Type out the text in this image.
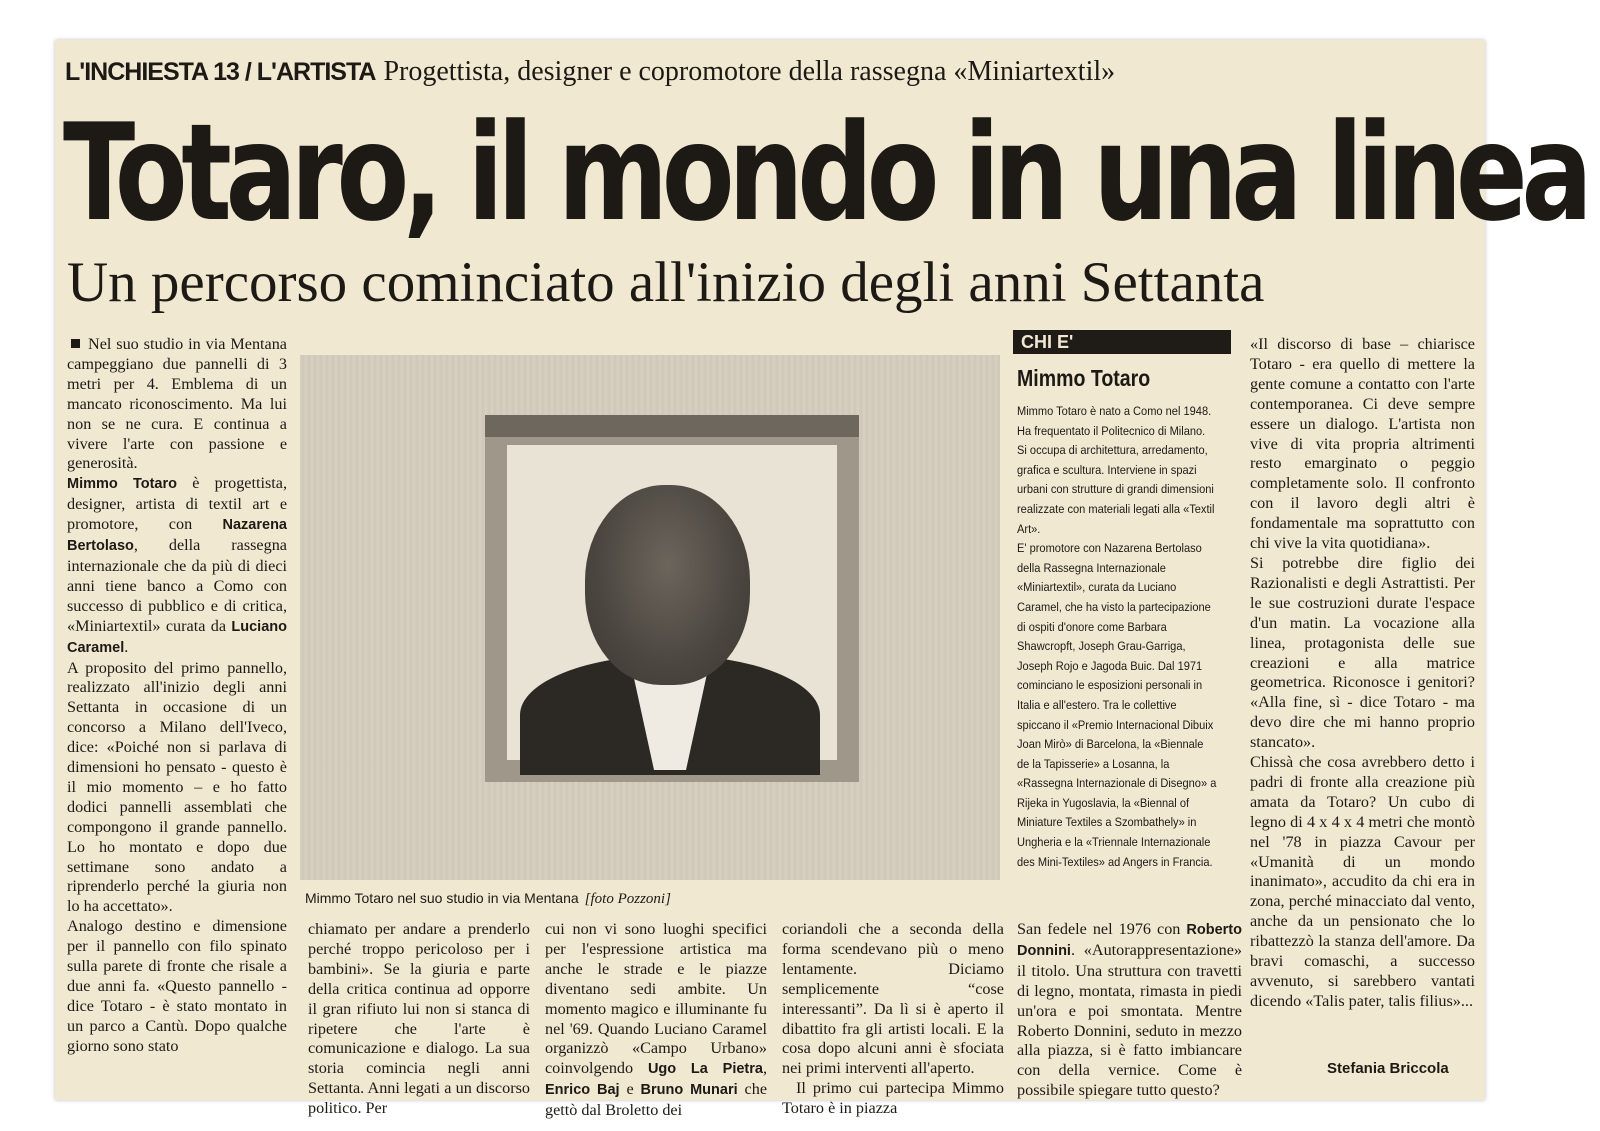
L'INCHIESTA 13 / L'ARTISTA Progettista, designer e copromotore della rassegna «Miniartextil»
Totaro, il mondo in una linea
Un percorso cominciato all'inizio degli anni Settanta

Nel suo studio in via Mentana campeggiano due pannelli di 3 metri per 4. Emblema di un mancato riconoscimento. Ma lui non se ne cura. E continua a vivere l'arte con passione e generosità.

Mimmo Totaro è progettista, designer, artista di textil art e promotore, con Nazarena Bertolaso, della rassegna internazionale che da più di dieci anni tiene banco a Como con successo di pubblico e di critica, «Miniartextil» curata da Luciano Caramel.

A proposito del primo pannello, realizzato all'inizio degli anni Settanta in occasione di un concorso a Milano dell'Iveco, dice: «Poiché non si parlava di dimensioni ho pensato - questo è il mio momento – e ho fatto dodici pannelli assemblati che compongono il grande pannello. Lo ho montato e dopo due settimane sono andato a riprenderlo perché la giuria non lo ha accettato».

Analogo destino e dimensione per il pannello con filo spinato sulla parete di fronte che risale a due anni fa. «Questo pannello - dice Totaro - è stato montato in un parco a Cantù. Dopo qualche giorno sono stato

Mimmo Totaro nel suo studio in via Mentana [foto Pozzoni]

chiamato per andare a prenderlo perché troppo pericoloso per i bambini». Se la giuria e parte della critica continua ad opporre il gran rifiuto lui non si stanca di ripetere che l'arte è comunicazione e dialogo. La sua storia comincia negli anni Settanta. Anni legati a un discorso politico. Per

cui non vi sono luoghi specifici per l'espressione artistica ma anche le strade e le piazze diventano sedi ambite. Un momento magico e illuminante fu nel '69. Quando Luciano Caramel organizzò «Campo Urbano» coinvolgendo Ugo La Pietra, Enrico Baj e Bruno Munari che gettò dal Broletto dei

coriandoli che a seconda della forma scendevano più o meno lentamente. Diciamo semplicemente “cose interessanti”. Da lì si è aperto il dibattito fra gli artisti locali. E la cosa dopo alcuni anni è sfociata nei primi interventi all'aperto.

Il primo cui partecipa Mimmo Totaro è in piazza

CHI E'
Mimmo Totaro

Mimmo Totaro è nato a Como nel 1948. Ha frequentato il Politecnico di Milano. Si occupa di architettura, arredamento, grafica e scultura. Interviene in spazi urbani con strutture di grandi dimensioni realizzate con materiali legati alla «Textil Art».

E' promotore con Nazarena Bertolaso della Rassegna Internazionale «Miniartextil», curata da Luciano Caramel, che ha visto la partecipazione di ospiti d'onore come Barbara Shawcropft, Joseph Grau-Garriga, Joseph Rojo e Jagoda Buic. Dal 1971 cominciano le esposizioni personali in Italia e all'estero. Tra le collettive spiccano il «Premio Internacional Dibuix Joan Mirò» di Barcelona, la «Biennale de la Tapisserie» a Losanna, la «Rassegna Internazionale di Disegno» a Rijeka in Yugoslavia, la «Biennal of Miniature Textiles a Szombathely» in Ungheria e la «Triennale Internazionale des Mini-Textiles» ad Angers in Francia.

San fedele nel 1976 con Roberto Donnini. «Autorappresentazione» il titolo. Una struttura con travetti di legno, montata, rimasta in piedi un'ora e poi smontata. Mentre Roberto Donnini, seduto in mezzo alla piazza, si è fatto imbiancare con della vernice. Come è possibile spiegare tutto questo?

«Il discorso di base – chiarisce Totaro - era quello di mettere la gente comune a contatto con l'arte contemporanea. Ci deve sempre essere un dialogo. L'artista non vive di vita propria altrimenti resto emarginato o peggio completamente solo. Il confronto con il lavoro degli altri è fondamentale ma soprattutto con chi vive la vita quotidiana».

Si potrebbe dire figlio dei Razionalisti e degli Astrattisti. Per le sue costruzioni durate l'espace d'un matin. La vocazione alla linea, protagonista delle sue creazioni e alla matrice geometrica. Riconosce i genitori? «Alla fine, sì - dice Totaro - ma devo dire che mi hanno proprio stancato».

Chissà che cosa avrebbero detto i padri di fronte alla creazione più amata da Totaro? Un cubo di legno di 4 x 4 x 4 metri che montò nel '78 in piazza Cavour per «Umanità di un mondo inanimato», accudito da chi era in zona, perché minacciato dal vento, anche da un pensionato che lo ribattezzò la stanza dell'amore. Da bravi comaschi, a successo avvenuto, si sarebbero vantati dicendo «Talis pater, talis filius»...

Stefania Briccola
